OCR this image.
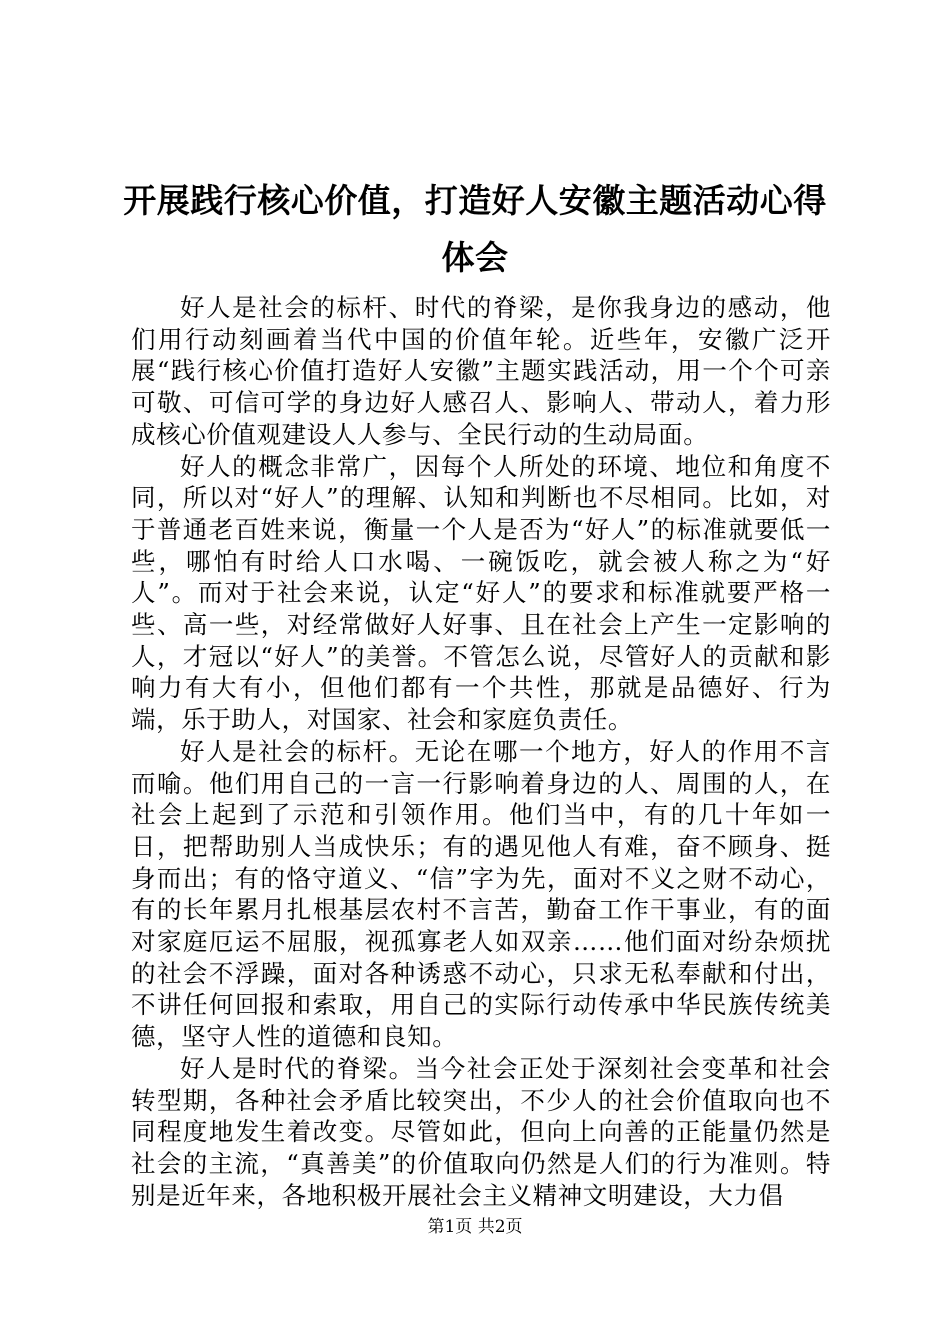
开展践行核心价值，打造好人安徽主题活动心得体会

好人是社会的标杆、时代的脊梁，是你我身边的感动，他们用行动刻画着当代中国的价值年轮。近些年，安徽广泛开展“践行核心价值打造好人安徽”主题实践活动，用一个个可亲可敬、可信可学的身边好人感召人、影响人、带动人，着力形成核心价值观建设人人参与、全民行动的生动局面。

好人的概念非常广，因每个人所处的环境、地位和角度不同，所以对“好人”的理解、认知和判断也不尽相同。比如，对于普通老百姓来说，衡量一个人是否为“好人”的标准就要低一些，哪怕有时给人口水喝、一碗饭吃，就会被人称之为“好人”。而对于社会来说，认定“好人”的要求和标准就要严格一些、高一些，对经常做好人好事、且在社会上产生一定影响的人，才冠以“好人”的美誉。不管怎么说，尽管好人的贡献和影响力有大有小，但他们都有一个共性，那就是品德好、行为端，乐于助人，对国家、社会和家庭负责任。

好人是社会的标杆。无论在哪一个地方，好人的作用不言而喻。他们用自己的一言一行影响着身边的人、周围的人，在社会上起到了示范和引领作用。他们当中，有的几十年如一日，把帮助别人当成快乐；有的遇见他人有难，奋不顾身、挺身而出；有的恪守道义、“信”字为先，面对不义之财不动心，有的长年累月扎根基层农村不言苦，勤奋工作干事业，有的面对家庭厄运不屈服，视孤寡老人如双亲……他们面对纷杂烦扰的社会不浮躁，面对各种诱惑不动心，只求无私奉献和付出，不讲任何回报和索取，用自己的实际行动传承中华民族传统美德，坚守人性的道德和良知。

好人是时代的脊梁。当今社会正处于深刻社会变革和社会转型期，各种社会矛盾比较突出，不少人的社会价值取向也不同程度地发生着改变。尽管如此，但向上向善的正能量仍然是社会的主流，“真善美”的价值取向仍然是人们的行为准则。特别是近年来，各地积极开展社会主义精神文明建设，大力倡

第1页 共2页
